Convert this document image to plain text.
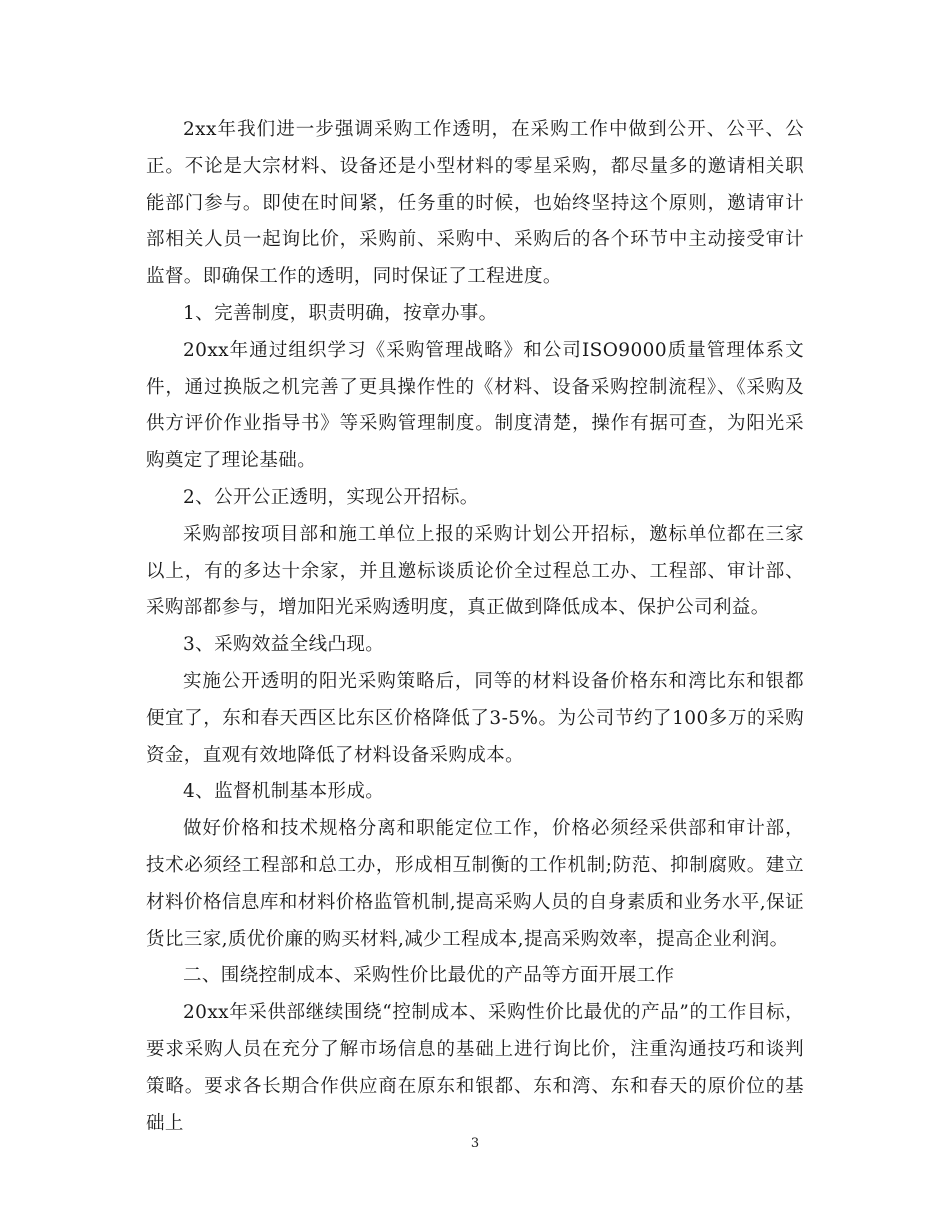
2xx年我们进一步强调采购工作透明，在采购工作中做到公开、公平、公正。不论是大宗材料、设备还是小型材料的零星采购，都尽量多的邀请相关职能部门参与。即使在时间紧，任务重的时候，也始终坚持这个原则，邀请审计部相关人员一起询比价，采购前、采购中、采购后的各个环节中主动接受审计监督。即确保工作的透明，同时保证了工程进度。

1、完善制度，职责明确，按章办事。

20xx年通过组织学习《采购管理战略》和公司ISO9000质量管理体系文件，通过换版之机完善了更具操作性的《材料、设备采购控制流程》、《采购及供方评价作业指导书》等采购管理制度。制度清楚，操作有据可查，为阳光采购奠定了理论基础。

2、公开公正透明，实现公开招标。

采购部按项目部和施工单位上报的采购计划公开招标，邀标单位都在三家以上，有的多达十余家，并且邀标谈质论价全过程总工办、工程部、审计部、采购部都参与，增加阳光采购透明度，真正做到降低成本、保护公司利益。

3、采购效益全线凸现。

实施公开透明的阳光采购策略后，同等的材料设备价格东和湾比东和银都便宜了，东和春天西区比东区价格降低了3-5%。为公司节约了100多万的采购资金，直观有效地降低了材料设备采购成本。

4、监督机制基本形成。

做好价格和技术规格分离和职能定位工作，价格必须经采供部和审计部，技术必须经工程部和总工办，形成相互制衡的工作机制;防范、抑制腐败。建立材料价格信息库和材料价格监管机制,提高采购人员的自身素质和业务水平,保证货比三家,质优价廉的购买材料,减少工程成本,提高采购效率，提高企业利润。

二、围绕控制成本、采购性价比最优的产品等方面开展工作

20xx年采供部继续围绕“控制成本、采购性价比最优的产品”的工作目标，要求采购人员在充分了解市场信息的基础上进行询比价，注重沟通技巧和谈判策略。要求各长期合作供应商在原东和银都、东和湾、东和春天的原价位的基础上

3
